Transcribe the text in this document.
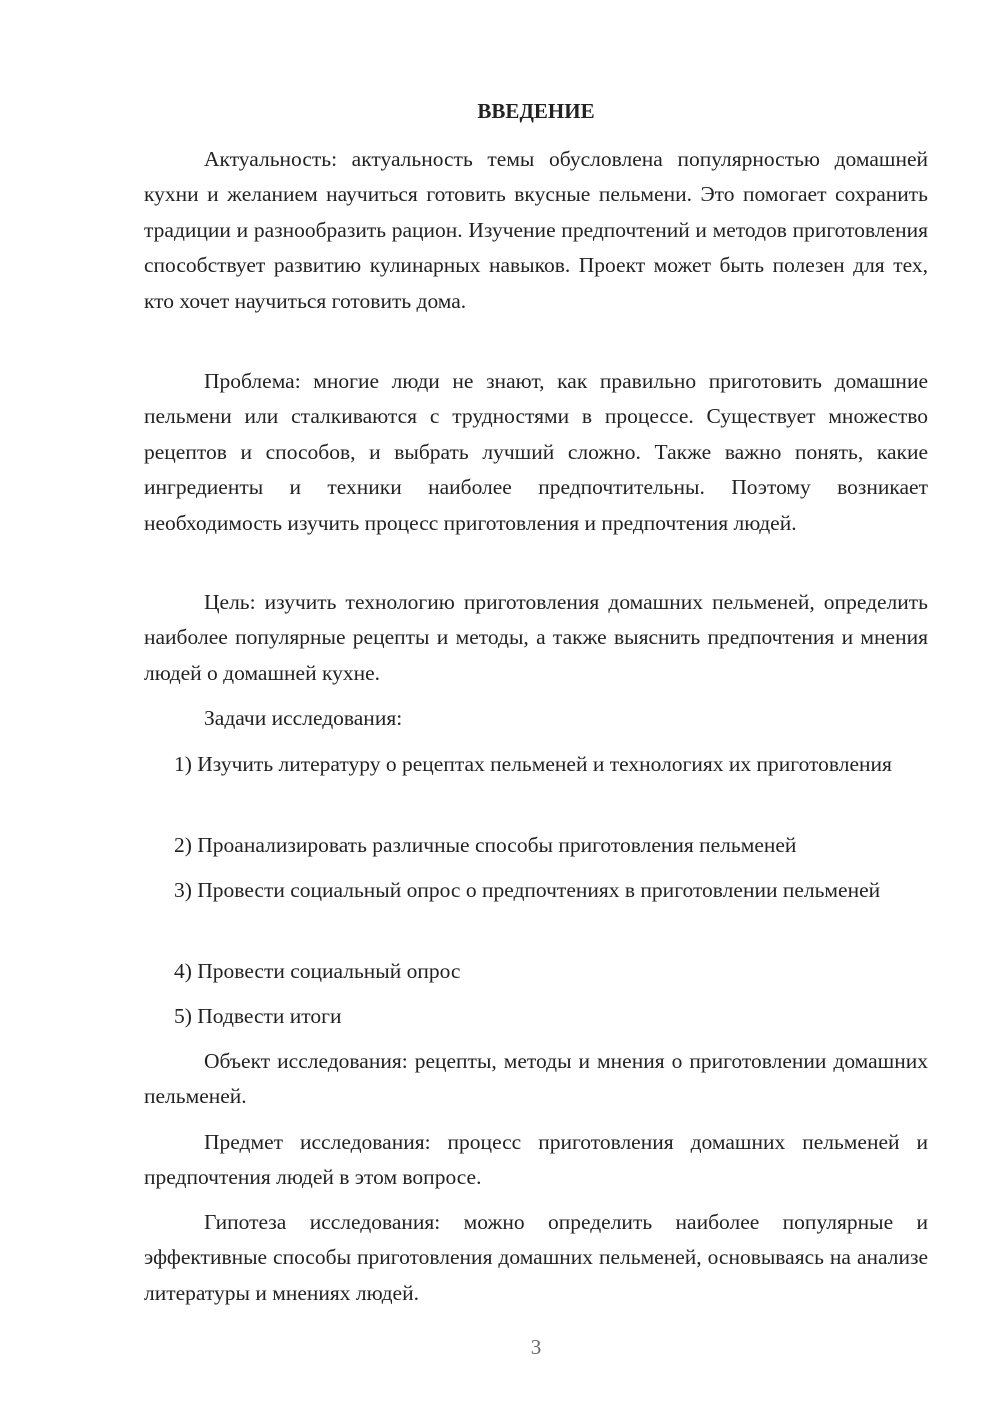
ВВЕДЕНИЕ

Актуальность: актуальность темы обусловлена популярностью домашней кухни и желанием научиться готовить вкусные пельмени. Это помогает сохранить традиции и разнообразить рацион. Изучение предпочтений и методов приготовления способствует развитию кулинарных навыков. Проект может быть полезен для тех, кто хочет научиться готовить дома.

Проблема: многие люди не знают, как правильно приготовить домашние пельмени или сталкиваются с трудностями в процессе. Существует множество рецептов и способов, и выбрать лучший сложно. Также важно понять, какие ингредиенты и техники наиболее предпочтительны. Поэтому возникает необходимость изучить процесс приготовления и предпочтения людей.

Цель: изучить технологию приготовления домашних пельменей, определить наиболее популярные рецепты и методы, а также выяснить предпочтения и мнения людей о домашней кухне.

Задачи исследования:

1) Изучить литературу о рецептах пельменей и технологиях их приготовления

2) Проанализировать различные способы приготовления пельменей

3) Провести социальный опрос о предпочтениях в приготовлении пельменей

4) Провести социальный опрос

5) Подвести итоги

Объект исследования: рецепты, методы и мнения о приготовлении домашних пельменей.

Предмет исследования: процесс приготовления домашних пельменей и предпочтения людей в этом вопросе.

Гипотеза исследования: можно определить наиболее популярные и эффективные способы приготовления домашних пельменей, основываясь на анализе литературы и мнениях людей.

3
